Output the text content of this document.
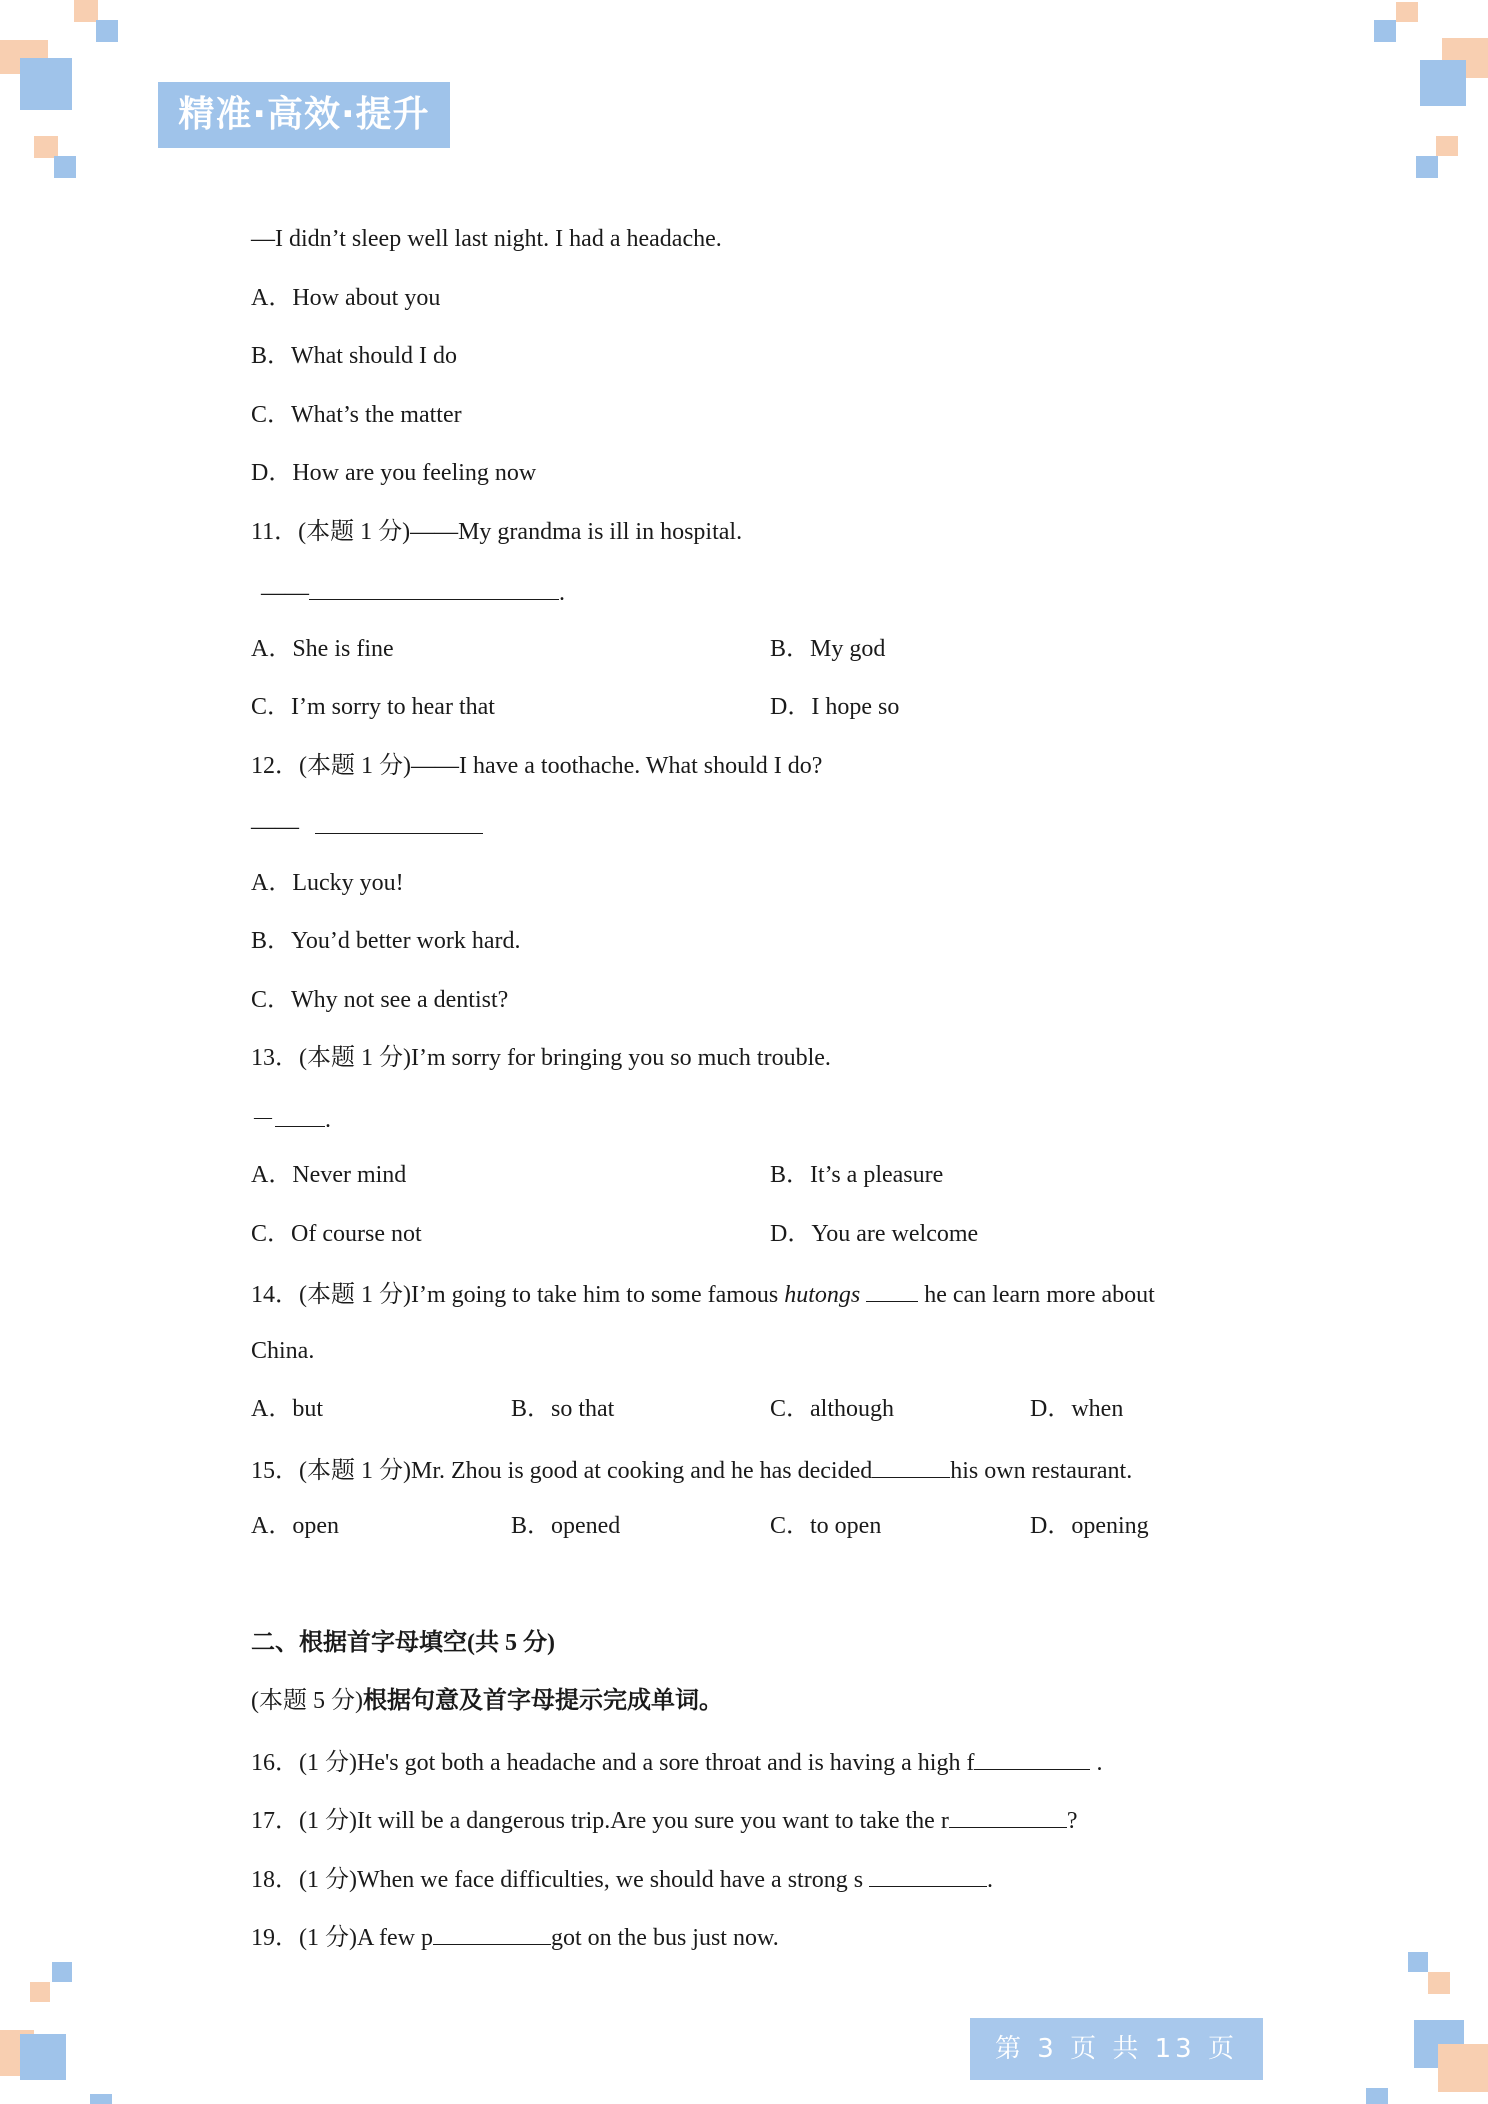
精准·高效·提升
—I didn’t sleep well last night. I had a headache.
A．How about you
B．What should I do
C．What’s the matter
D．How are you feeling now
11．(本题 1 分)——My grandma is ill in hospital.
——	.
A．She is fine	B．My god
C．I’m sorry to hear that	D．I hope so
12．(本题 1 分)——I have a toothache. What should I do?
——
A．Lucky you!
B．You’d better work hard.
C．Why not see a dentist?
13．(本题 1 分)I’m sorry for bringing you so much trouble.
－ .
A．Never mind	B．It’s a pleasure
C．Of course not	D．You are welcome
14．(本题 1 分)I’m going to take him to some famous hutongs  he can learn more about
China.
A．but	B．so that	C．although	D．when
15．(本题 1 分)Mr. Zhou is good at cooking and he has decided	his own restaurant.
A．open	B．opened	C．to open	D．opening
二、根据首字母填空(共 5 分)
(本题 5 分)根据句意及首字母提示完成单词。
16．(1 分)He's got both a headache and a sore throat and is having a high f	.
17．(1 分)It will be a dangerous trip.Are you sure you want to take the r	?
18．(1 分)When we face difficulties, we should have a strong s	.
19．(1 分)A few p	got on the bus just now.
第 3 页 共 13 页
